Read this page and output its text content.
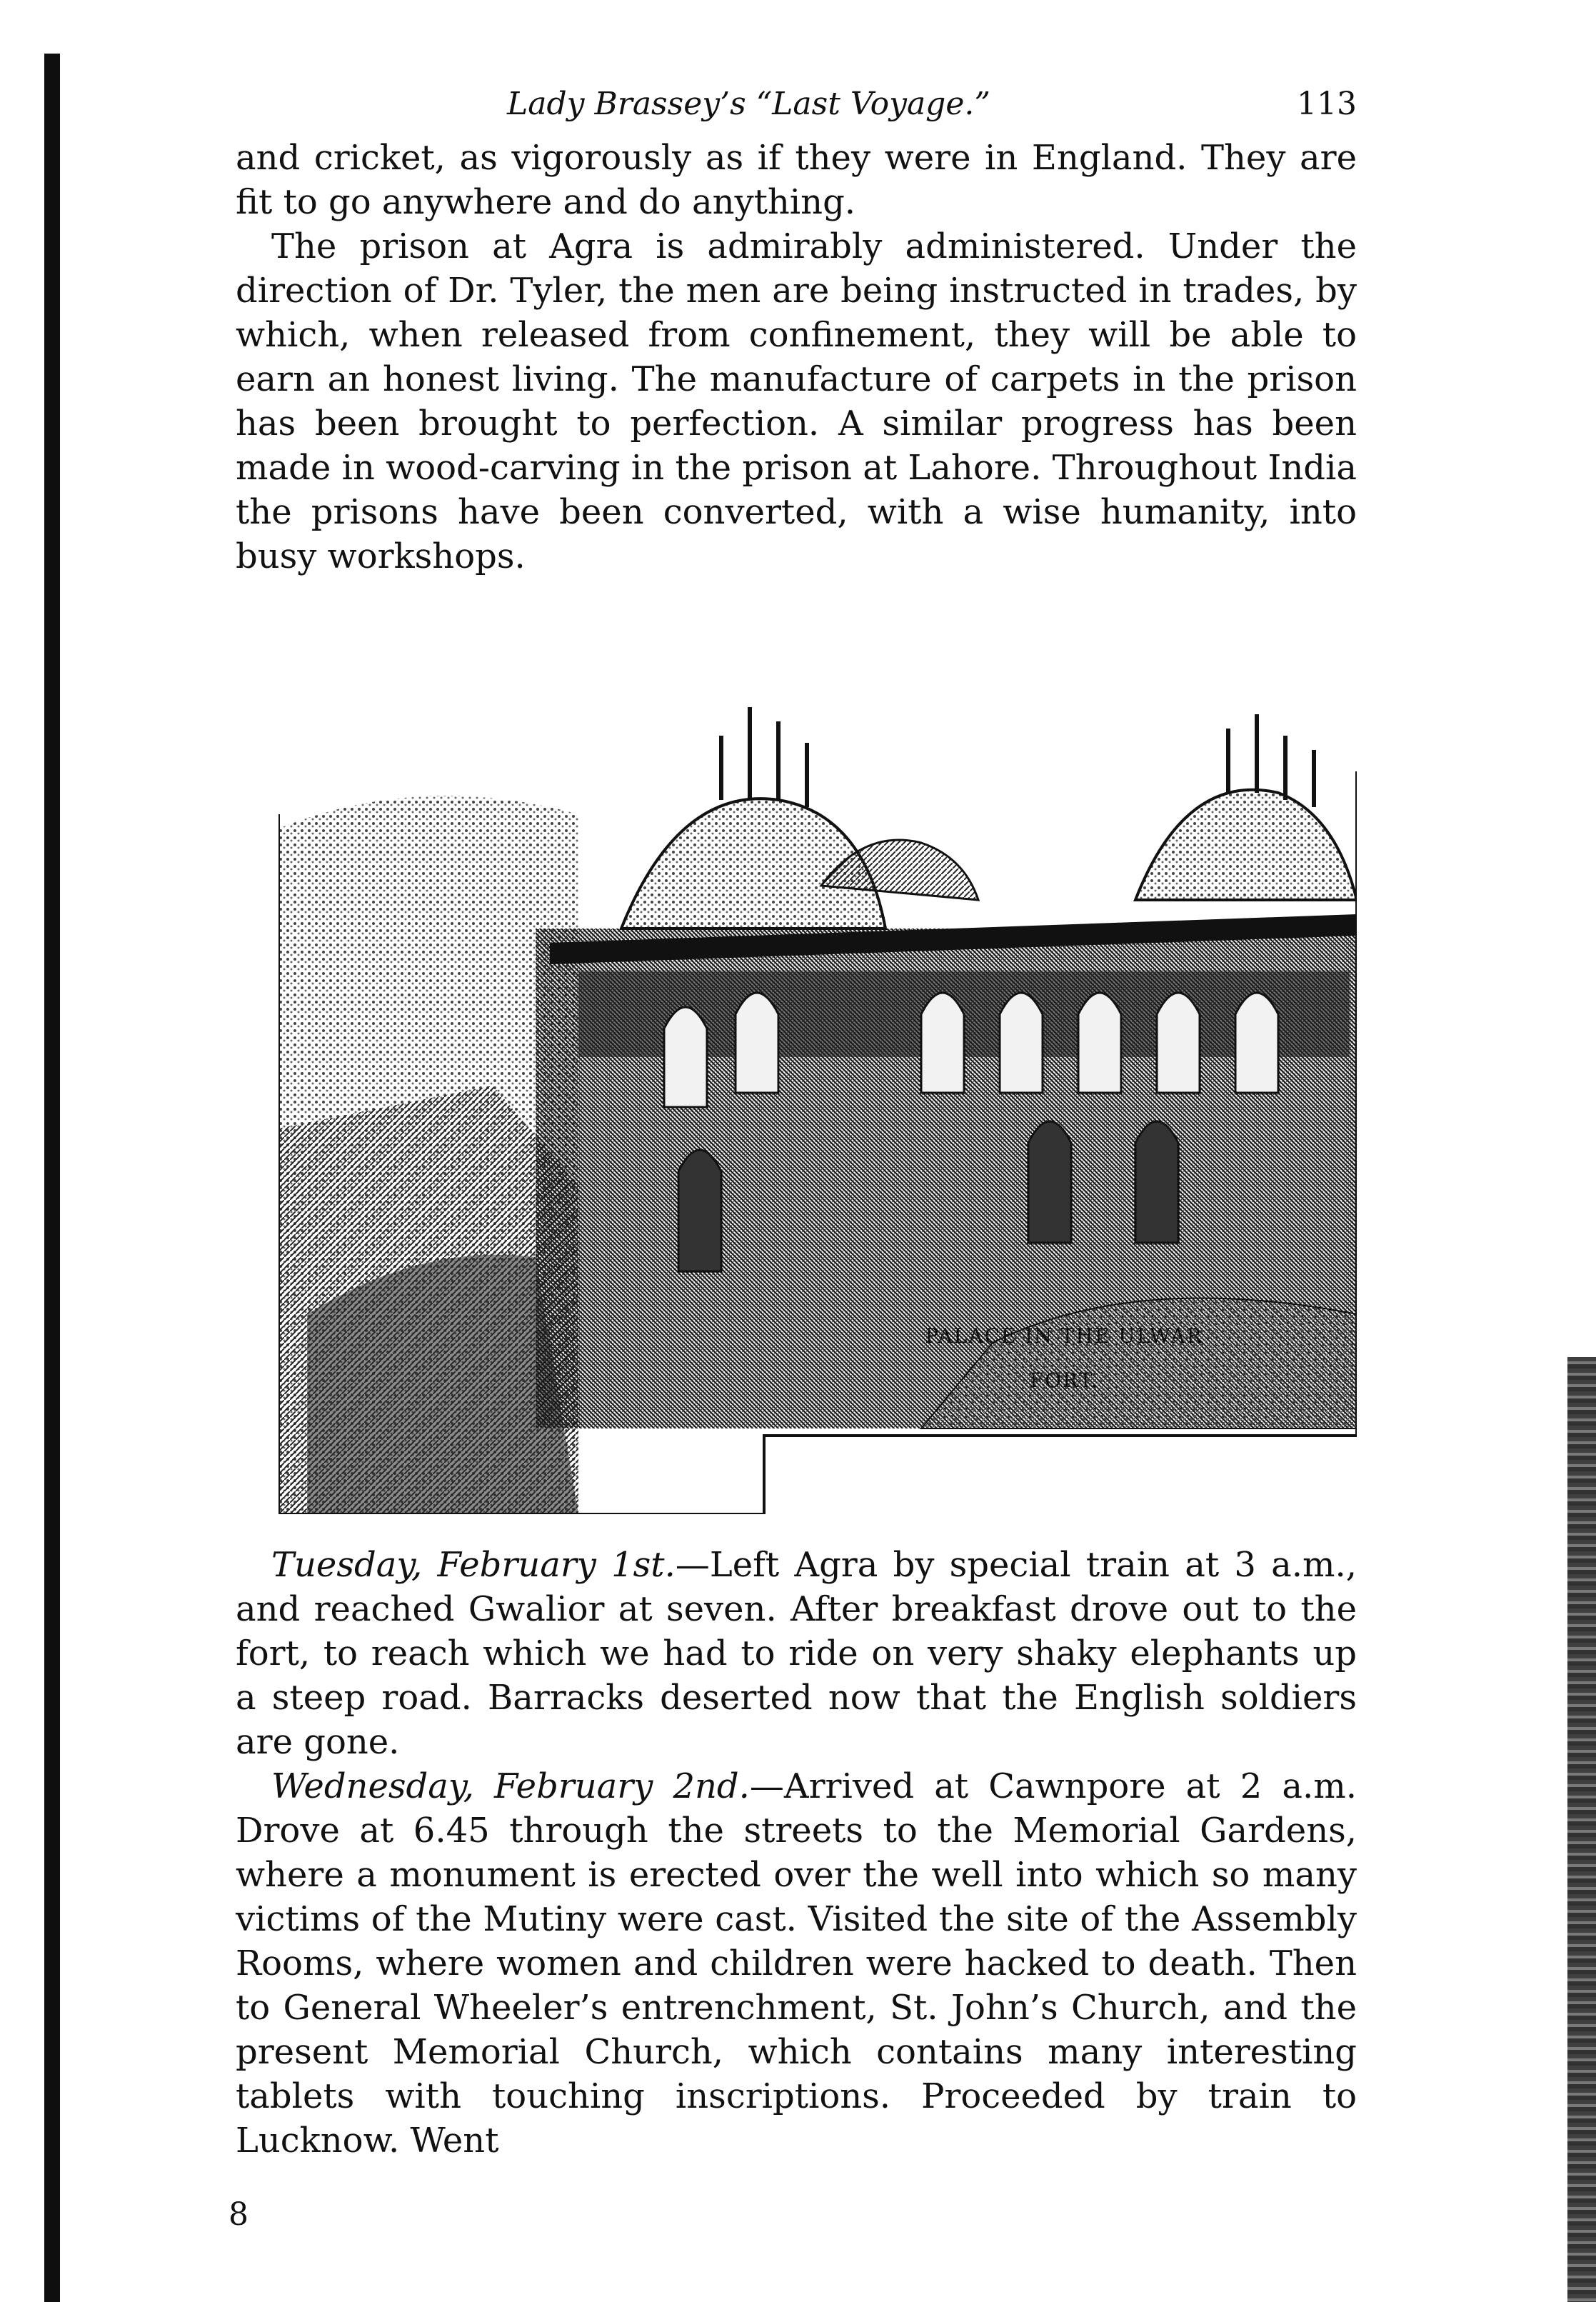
Lady Brassey’s “Last Voyage.”	113

and cricket, as vigorously as if they were in England. They are fit to go anywhere and do anything.

The prison at Agra is admirably administered. Under the direction of Dr. Tyler, the men are being instructed in trades, by which, when released from confinement, they will be able to earn an honest living. The manufacture of carpets in the prison has been brought to perfection. A similar progress has been made in wood-carving in the prison at Lahore. Throughout India the prisons have been converted, with a wise humanity, into busy workshops.

PALACE IN THE ULWAR
FORT.

Tuesday, February 1st.—Left Agra by special train at 3 a.m., and reached Gwalior at seven. After breakfast drove out to the fort, to reach which we had to ride on very shaky elephants up a steep road. Barracks deserted now that the English soldiers are gone.

Wednesday, February 2nd.—Arrived at Cawnpore at 2 a.m. Drove at 6.45 through the streets to the Memorial Gardens, where a monument is erected over the well into which so many victims of the Mutiny were cast. Visited the site of the Assembly Rooms, where women and children were hacked to death. Then to General Wheeler’s entrenchment, St. John’s Church, and the present Memorial Church, which contains many interesting tablets with touching inscriptions. Proceeded by train to Lucknow. Went

8
